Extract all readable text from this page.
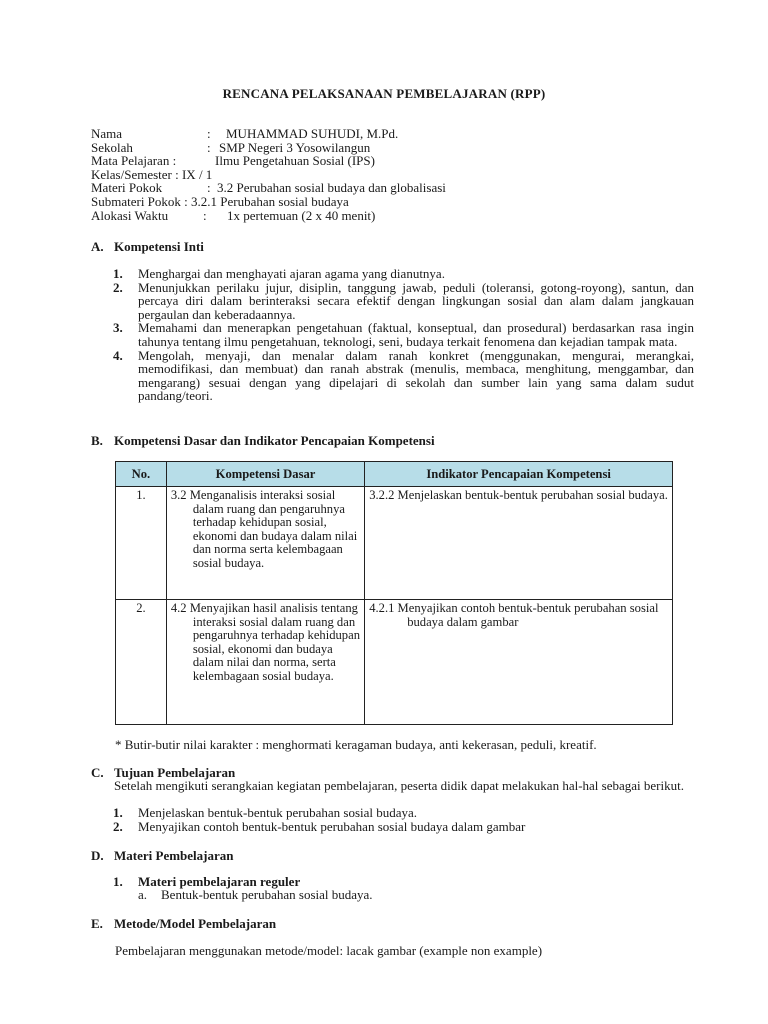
RENCANA PELAKSANAAN PEMBELAJARAN (RPP)
Nama	: MUHAMMAD SUHUDI, M.Pd.
Sekolah	: SMP Negeri 3 Yosowilangun
Mata Pelajaran :	Ilmu Pengetahuan Sosial (IPS)
Kelas/Semester : IX / 1
Materi Pokok	: 3.2 Perubahan sosial budaya dan globalisasi
Submateri Pokok : 3.2.1 Perubahan sosial budaya
Alokasi Waktu	: 1x pertemuan (2 x 40 menit)
A. Kompetensi Inti
1. Menghargai dan menghayati ajaran agama yang dianutnya.
2. Menunjukkan perilaku jujur, disiplin, tanggung jawab, peduli (toleransi, gotong-royong), santun, dan percaya diri dalam berinteraksi secara efektif dengan lingkungan sosial dan alam dalam jangkauan pergaulan dan keberadaannya.
3. Memahami dan menerapkan pengetahuan (faktual, konseptual, dan prosedural) berdasarkan rasa ingin tahunya tentang ilmu pengetahuan, teknologi, seni, budaya terkait fenomena dan kejadian tampak mata.
4. Mengolah, menyaji, dan menalar dalam ranah konkret (menggunakan, mengurai, merangkai, memodifikasi, dan membuat) dan ranah abstrak (menulis, membaca, menghitung, menggambar, dan mengarang) sesuai dengan yang dipelajari di sekolah dan sumber lain yang sama dalam sudut pandang/teori.
B. Kompetensi Dasar dan Indikator Pencapaian Kompetensi
No.	Kompetensi Dasar	Indikator Pencapaian Kompetensi
1.	3.2 Menganalisis interaksi sosial dalam ruang dan pengaruhnya terhadap kehidupan sosial, ekonomi dan budaya dalam nilai dan norma serta kelembagaan sosial budaya.	3.2.2 Menjelaskan bentuk-bentuk perubahan sosial budaya.

2.	4.2 Menyajikan hasil analisis tentang interaksi sosial dalam ruang dan pengaruhnya terhadap kehidupan sosial, ekonomi dan budaya dalam nilai dan norma, serta kelembagaan sosial budaya.	4.2.1 Menyajikan contoh bentuk-bentuk perubahan sosial budaya dalam gambar
* Butir-butir nilai karakter : menghormati keragaman budaya, anti kekerasan, peduli, kreatif.
C. Tujuan Pembelajaran
Setelah mengikuti serangkaian kegiatan pembelajaran, peserta didik dapat melakukan hal-hal sebagai berikut.
1. Menjelaskan bentuk-bentuk perubahan sosial budaya.
2. Menyajikan contoh bentuk-bentuk perubahan sosial budaya dalam gambar
D. Materi Pembelajaran
1. Materi pembelajaran reguler
a. Bentuk-bentuk perubahan sosial budaya.
E. Metode/Model Pembelajaran
Pembelajaran menggunakan metode/model: lacak gambar (example non example)
